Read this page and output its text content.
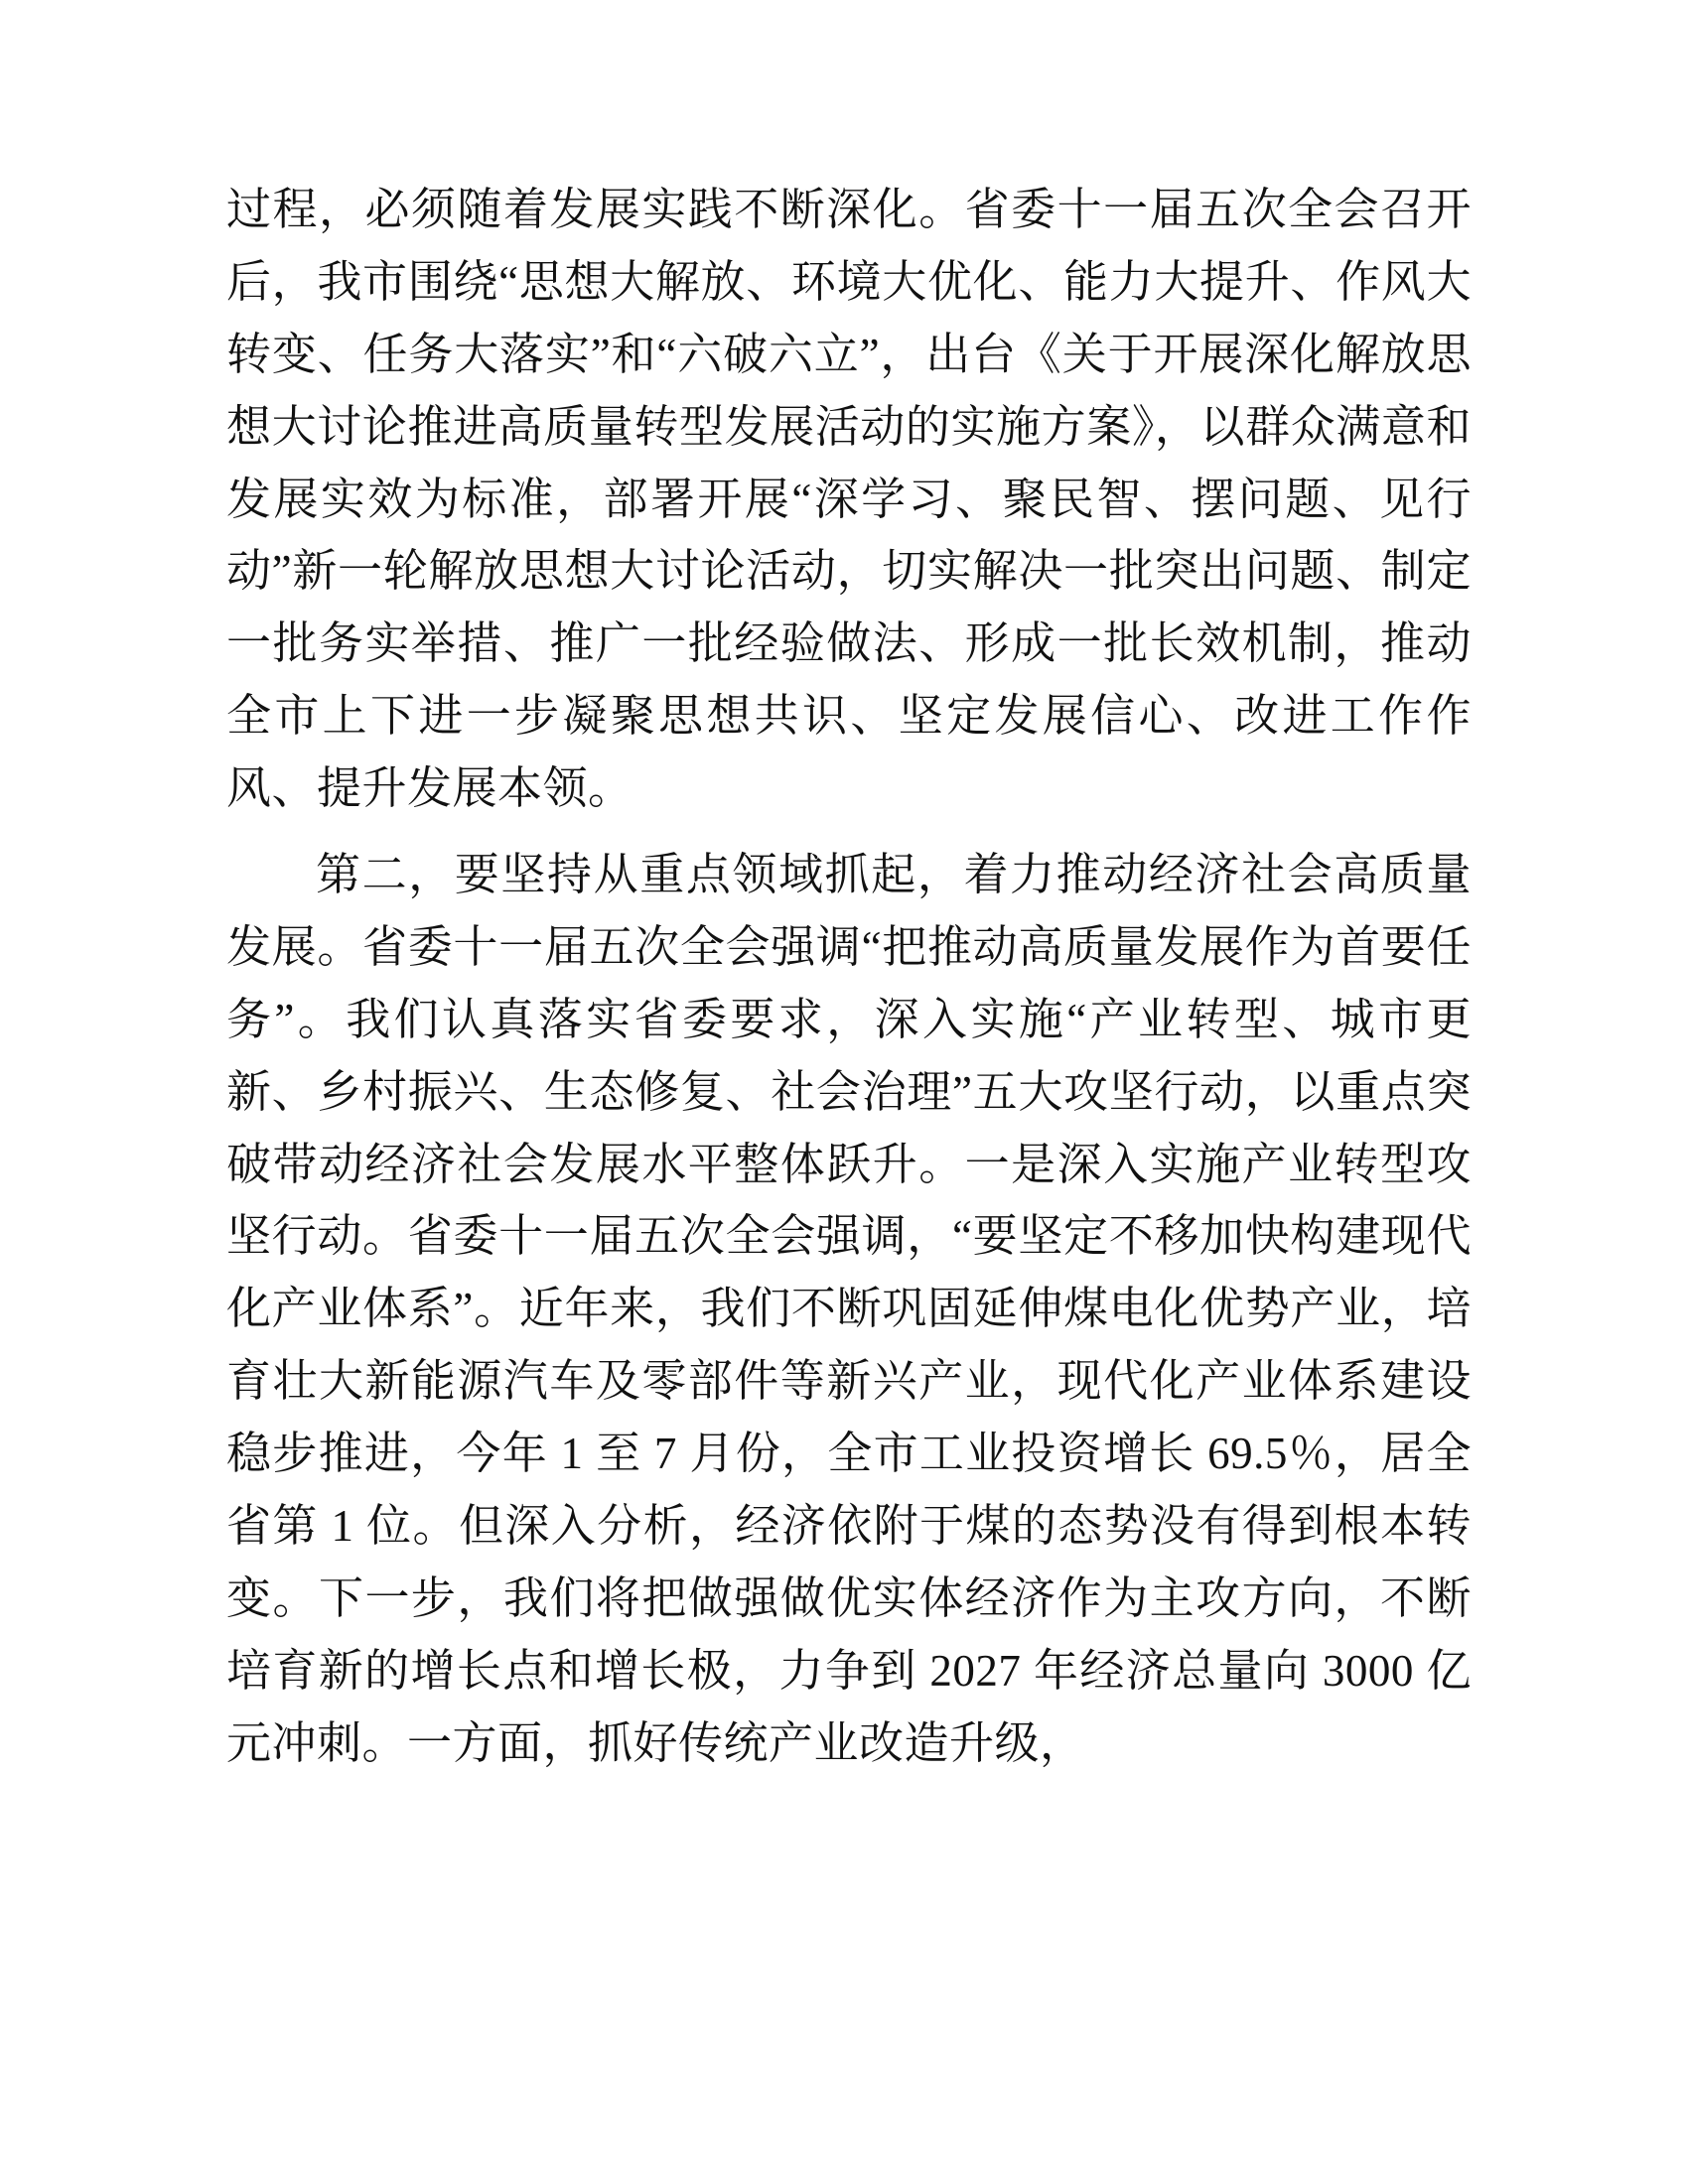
过程，必须随着发展实践不断深化。省委十一届五次全会召开后，我市围绕“思想大解放、环境大优化、能力大提升、作风大转变、任务大落实”和“六破六立”，出台《关于开展深化解放思想大讨论推进高质量转型发展活动的实施方案》，以群众满意和发展实效为标准，部署开展“深学习、聚民智、摆问题、见行动”新一轮解放思想大讨论活动，切实解决一批突出问题、制定一批务实举措、推广一批经验做法、形成一批长效机制，推动全市上下进一步凝聚思想共识、坚定发展信心、改进工作作风、提升发展本领。

第二，要坚持从重点领域抓起，着力推动经济社会高质量发展。省委十一届五次全会强调“把推动高质量发展作为首要任务”。我们认真落实省委要求，深入实施“产业转型、城市更新、乡村振兴、生态修复、社会治理”五大攻坚行动，以重点突破带动经济社会发展水平整体跃升。一是深入实施产业转型攻坚行动。省委十一届五次全会强调，“要坚定不移加快构建现代化产业体系”。近年来，我们不断巩固延伸煤电化优势产业，培育壮大新能源汽车及零部件等新兴产业，现代化产业体系建设稳步推进，今年 1 至 7 月份，全市工业投资增长 69.5％，居全省第 1 位。但深入分析，经济依附于煤的态势没有得到根本转变。下一步，我们将把做强做优实体经济作为主攻方向，不断培育新的增长点和增长极，力争到 2027 年经济总量向 3000 亿元冲刺。一方面，抓好传统产业改造升级，
